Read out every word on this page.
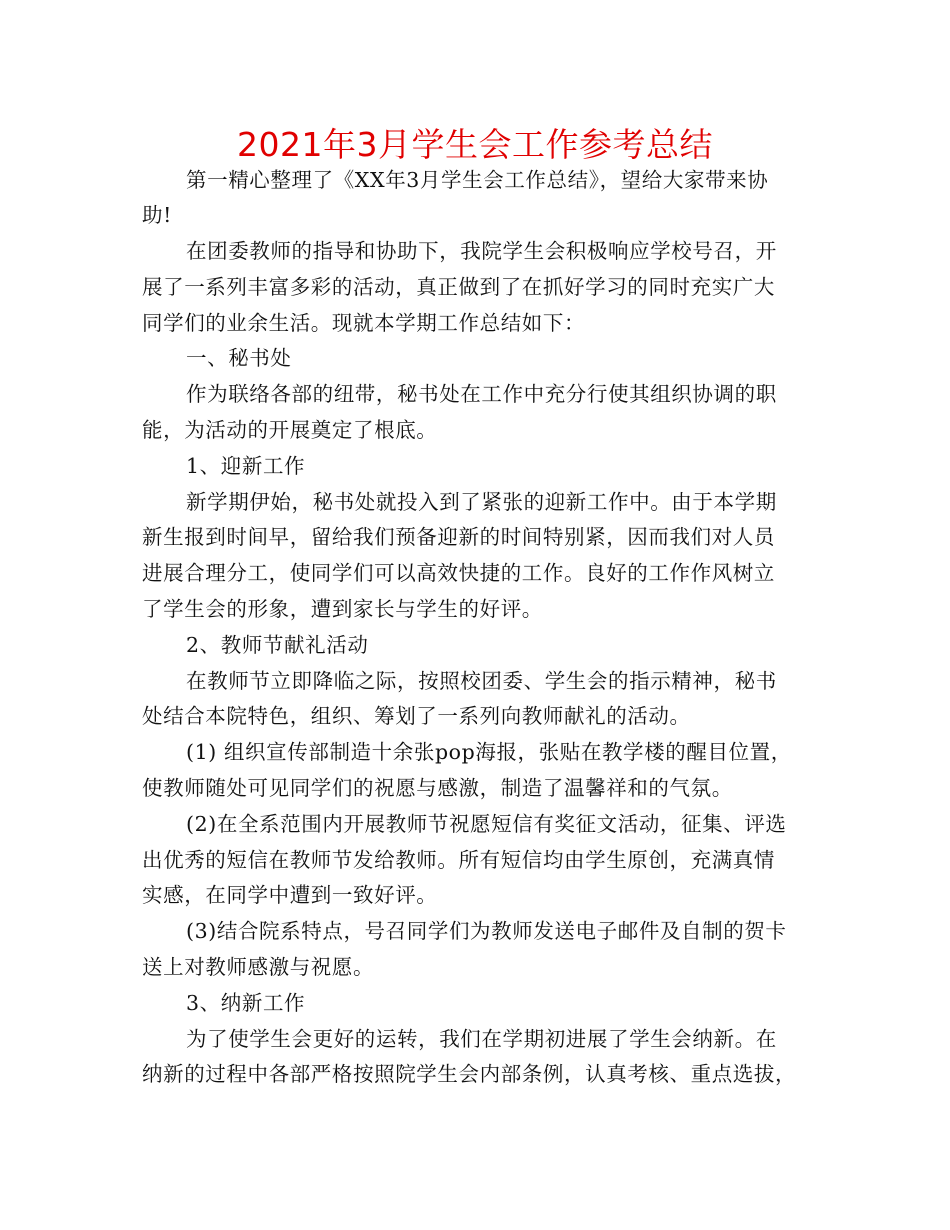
2021年3月学生会工作参考总结
第一精心整理了《XX年3月学生会工作总结》，望给大家带来协
助!
在团委教师的指导和协助下，我院学生会积极响应学校号召，开
展了一系列丰富多彩的活动，真正做到了在抓好学习的同时充实广大
同学们的业余生活。现就本学期工作总结如下：
一、秘书处
作为联络各部的纽带，秘书处在工作中充分行使其组织协调的职
能，为活动的开展奠定了根底。
1、迎新工作
新学期伊始，秘书处就投入到了紧张的迎新工作中。由于本学期
新生报到时间早，留给我们预备迎新的时间特别紧，因而我们对人员
进展合理分工，使同学们可以高效快捷的工作。良好的工作作风树立
了学生会的形象，遭到家长与学生的好评。
2、教师节献礼活动
在教师节立即降临之际，按照校团委、学生会的指示精神，秘书
处结合本院特色，组织、筹划了一系列向教师献礼的活动。
(1) 组织宣传部制造十余张pop海报，张贴在教学楼的醒目位置，
使教师随处可见同学们的祝愿与感激，制造了温馨祥和的气氛。
(2)在全系范围内开展教师节祝愿短信有奖征文活动，征集、评选
出优秀的短信在教师节发给教师。所有短信均由学生原创，充满真情
实感，在同学中遭到一致好评。
(3)结合院系特点，号召同学们为教师发送电子邮件及自制的贺卡
送上对教师感激与祝愿。
3、纳新工作
为了使学生会更好的运转，我们在学期初进展了学生会纳新。在
纳新的过程中各部严格按照院学生会内部条例，认真考核、重点选拔，
